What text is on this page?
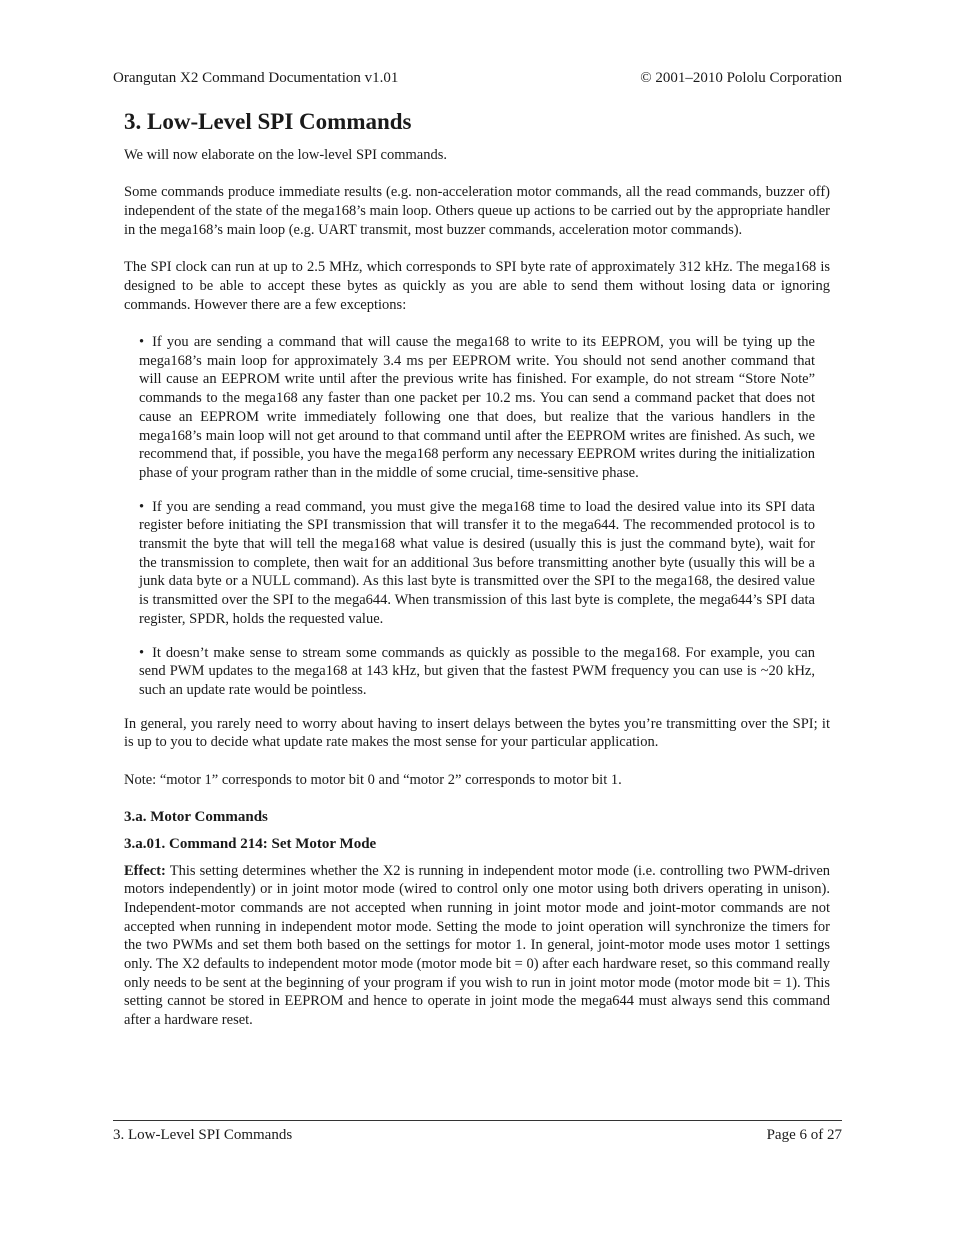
Orangutan X2 Command Documentation v1.01	© 2001–2010 Pololu Corporation
3. Low-Level SPI Commands

We will now elaborate on the low-level SPI commands.

Some commands produce immediate results (e.g. non-acceleration motor commands, all the read commands, buzzer off) independent of the state of the mega168’s main loop. Others queue up actions to be carried out by the appropriate handler in the mega168’s main loop (e.g. UART transmit, most buzzer commands, acceleration motor commands).

The SPI clock can run at up to 2.5 MHz, which corresponds to SPI byte rate of approximately 312 kHz. The mega168 is designed to be able to accept these bytes as quickly as you are able to send them without losing data or ignoring commands. However there are a few exceptions:

• If you are sending a command that will cause the mega168 to write to its EEPROM, you will be tying up the mega168’s main loop for approximately 3.4 ms per EEPROM write. You should not send another command that will cause an EEPROM write until after the previous write has finished. For example, do not stream “Store Note” commands to the mega168 any faster than one packet per 10.2 ms. You can send a command packet that does not cause an EEPROM write immediately following one that does, but realize that the various handlers in the mega168’s main loop will not get around to that command until after the EEPROM writes are finished. As such, we recommend that, if possible, you have the mega168 perform any necessary EEPROM writes during the initialization phase of your program rather than in the middle of some crucial, time-sensitive phase.
• If you are sending a read command, you must give the mega168 time to load the desired value into its SPI data register before initiating the SPI transmission that will transfer it to the mega644. The recommended protocol is to transmit the byte that will tell the mega168 what value is desired (usually this is just the command byte), wait for the transmission to complete, then wait for an additional 3us before transmitting another byte (usually this will be a junk data byte or a NULL command). As this last byte is transmitted over the SPI to the mega168, the desired value is transmitted over the SPI to the mega644. When transmission of this last byte is complete, the mega644’s SPI data register, SPDR, holds the requested value.
• It doesn’t make sense to stream some commands as quickly as possible to the mega168. For example, you can send PWM updates to the mega168 at 143 kHz, but given that the fastest PWM frequency you can use is ~20 kHz, such an update rate would be pointless.

In general, you rarely need to worry about having to insert delays between the bytes you’re transmitting over the SPI; it is up to you to decide what update rate makes the most sense for your particular application.

Note: “motor 1” corresponds to motor bit 0 and “motor 2” corresponds to motor bit 1.

3.a. Motor Commands
3.a.01. Command 214: Set Motor Mode

Effect: This setting determines whether the X2 is running in independent motor mode (i.e. controlling two PWM-driven motors independently) or in joint motor mode (wired to control only one motor using both drivers operating in unison). Independent-motor commands are not accepted when running in joint motor mode and joint-motor commands are not accepted when running in independent motor mode. Setting the mode to joint operation will synchronize the timers for the two PWMs and set them both based on the settings for motor 1. In general, joint-motor mode uses motor 1 settings only. The X2 defaults to independent motor mode (motor mode bit = 0) after each hardware reset, so this command really only needs to be sent at the beginning of your program if you wish to run in joint motor mode (motor mode bit = 1). This setting cannot be stored in EEPROM and hence to operate in joint mode the mega644 must always send this command after a hardware reset.

3. Low-Level SPI Commands	Page 6 of 27
